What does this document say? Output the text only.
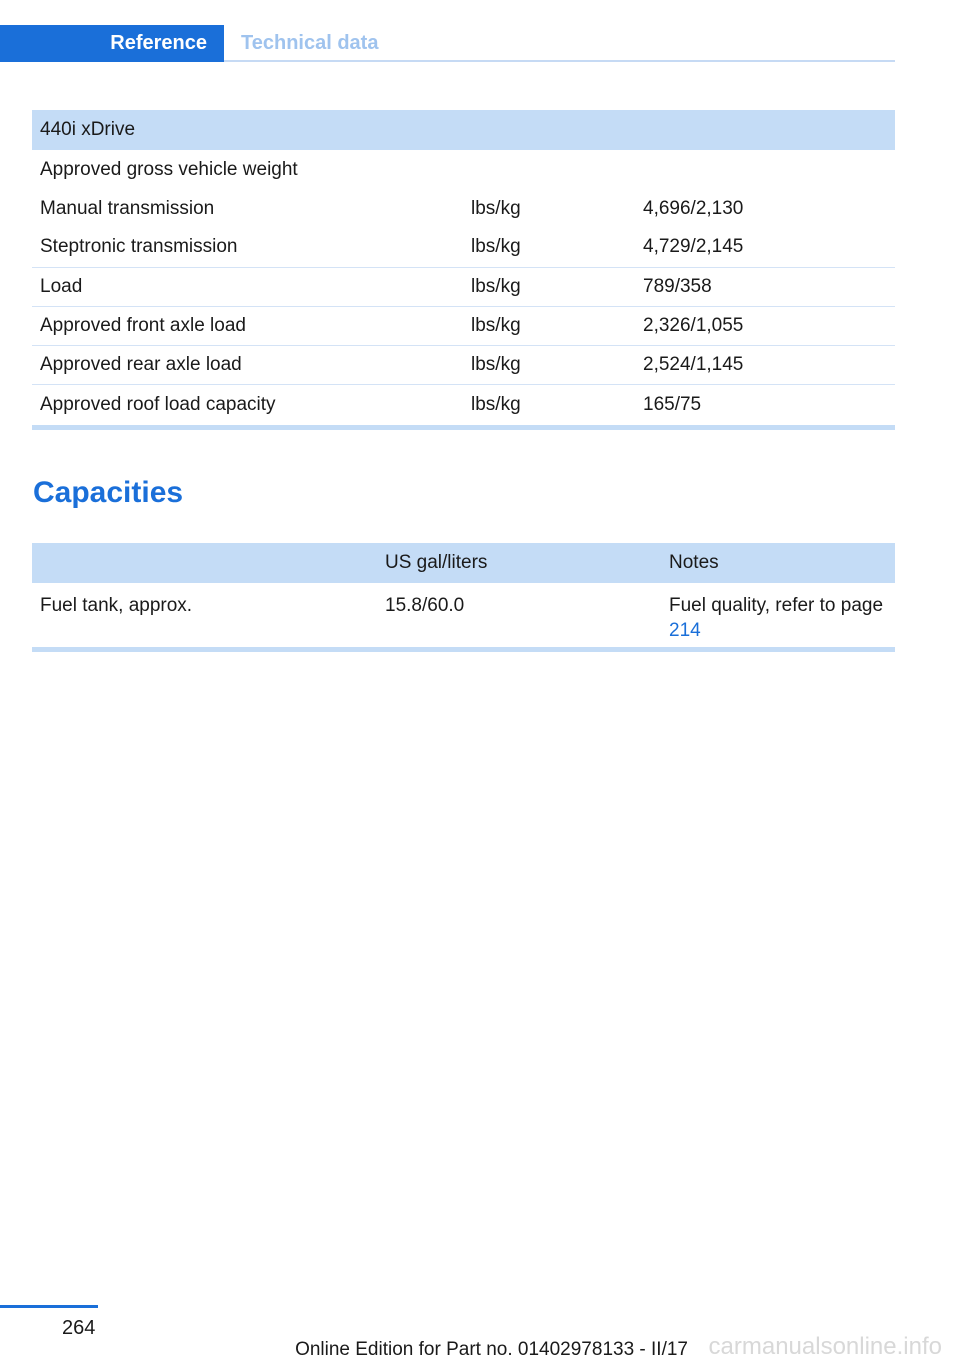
Reference	Technical data
440i xDrive		
Approved gross vehicle weight		
Manual transmission	lbs/kg	4,696/2,130
Steptronic transmission	lbs/kg	4,729/2,145
Load	lbs/kg	789/358
Approved front axle load	lbs/kg	2,326/1,055
Approved rear axle load	lbs/kg	2,524/1,145
Approved roof load capacity	lbs/kg	165/75
Capacities
	US gal/liters	Notes
Fuel tank, approx.	15.8/60.0	Fuel quality, refer to page 214
264
Online Edition for Part no. 01402978133 - II/17 carmanualsonline.info
